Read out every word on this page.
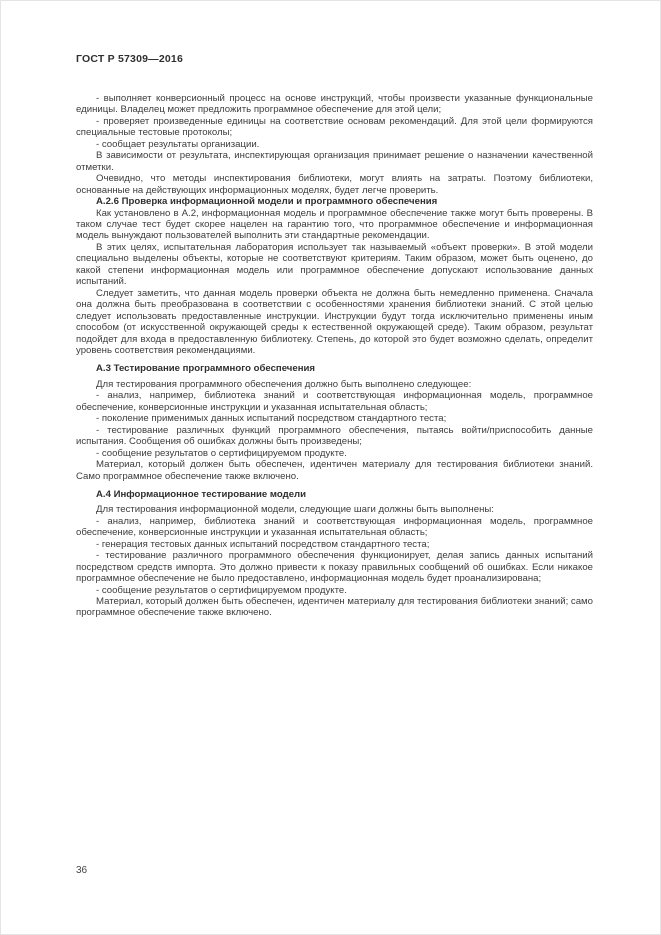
ГОСТ Р 57309—2016

- выполняет конверсионный процесс на основе инструкций, чтобы произвести указанные функциональные единицы. Владелец может предложить программное обеспечение для этой цели;

- проверяет произведенные единицы на соответствие основам рекомендаций. Для этой цели формируются специальные тестовые протоколы;

- сообщает результаты организации.

В зависимости от результата, инспектирующая организация принимает решение о назначении качественной отметки.

Очевидно, что методы инспектирования библиотеки, могут влиять на затраты. Поэтому библиотеки, основанные на действующих информационных моделях, будет легче проверить.

А.2.6 Проверка информационной модели и программного обеспечения

Как установлено в А.2, информационная модель и программное обеспечение также могут быть проверены. В таком случае тест будет скорее нацелен на гарантию того, что программное обеспечение и информационная модель вынуждают пользователей выполнить эти стандартные рекомендации.

В этих целях, испытательная лаборатория использует так называемый «объект проверки». В этой модели специально выделены объекты, которые не соответствуют критериям. Таким образом, может быть оценено, до какой степени информационная модель или программное обеспечение допускают использование данных испытаний.

Следует заметить, что данная модель проверки объекта не должна быть немедленно применена. Сначала она должна быть преобразована в соответствии с особенностями хранения библиотеки знаний. С этой целью следует использовать предоставленные инструкции. Инструкции будут тогда исключительно применены иным способом (от искусственной окружающей среды к естественной окружающей среде). Таким образом, результат подойдет для входа в предоставленную библиотеку. Степень, до которой это будет возможно сделать, определит уровень соответствия рекомендациями.

А.3 Тестирование программного обеспечения

Для тестирования программного обеспечения должно быть выполнено следующее:

- анализ, например, библиотека знаний и соответствующая информационная модель, программное обеспечение, конверсионные инструкции и указанная испытательная область;

- поколение применимых данных испытаний посредством стандартного теста;

- тестирование различных функций программного обеспечения, пытаясь войти/приспособить данные испытания. Сообщения об ошибках должны быть произведены;

- сообщение результатов о сертифицируемом продукте.

Материал, который должен быть обеспечен, идентичен материалу для тестирования библиотеки знаний. Само программное обеспечение также включено.

А.4 Информационное тестирование модели

Для тестирования информационной модели, следующие шаги должны быть выполнены:

- анализ, например, библиотека знаний и соответствующая информационная модель, программное обеспечение, конверсионные инструкции и указанная испытательная область;

- генерация тестовых данных испытаний посредством стандартного теста;

- тестирование различного программного обеспечения функционирует, делая запись данных испытаний посредством средств импорта. Это должно привести к показу правильных сообщений об ошибках. Если никакое программное обеспечение не было предоставлено, информационная модель будет проанализирована;

- сообщение результатов о сертифицируемом продукте.

Материал, который должен быть обеспечен, идентичен материалу для тестирования библиотеки знаний; само программное обеспечение также включено.

36
